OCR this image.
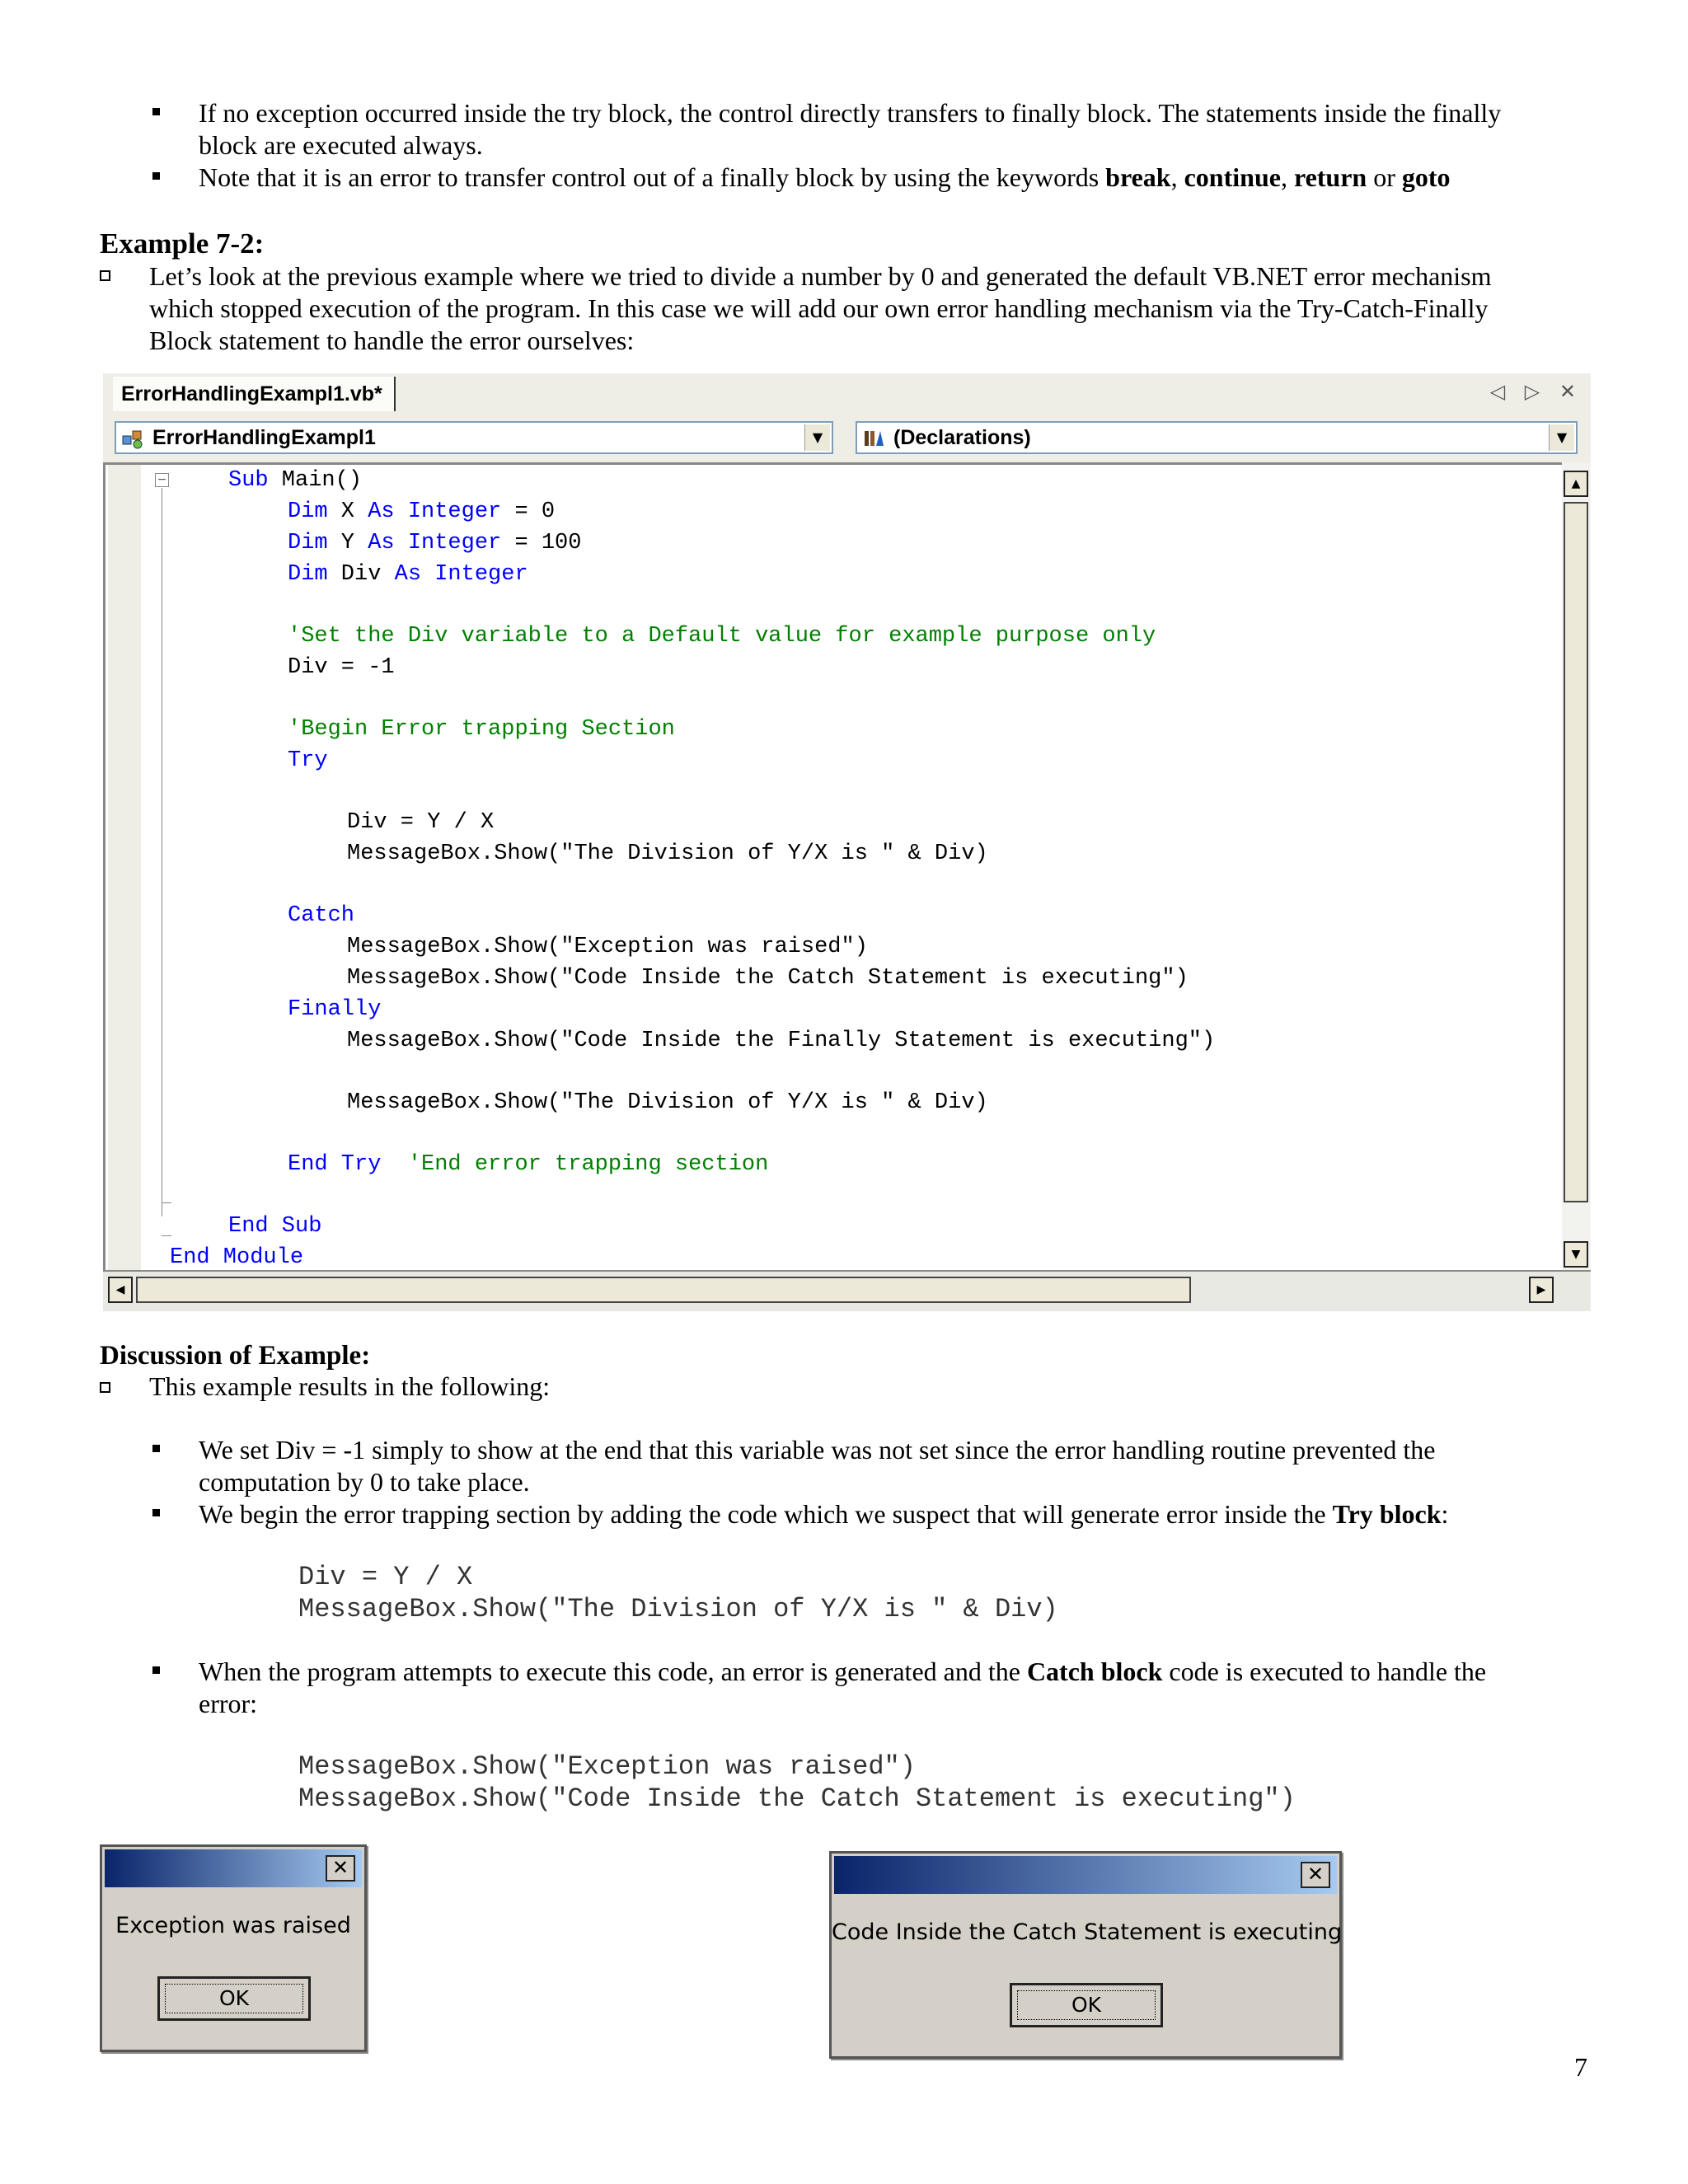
If no exception occurred inside the try block, the control directly transfers to finally block. The statements inside the finally
block are executed always.
Note that it is an error to transfer control out of a finally block by using the keywords break, continue, return or goto
Example 7-2:
Let’s look at the previous example where we tried to divide a number by 0 and generated the default VB.NET error mechanism
which stopped execution of the program. In this case we will add our own error handling mechanism via the Try-Catch-Finally
Block statement to handle the error ourselves:
ErrorHandlingExampl1.vb*	◁ ▷ ✕
ErrorHandlingExampl1	▼	(Declarations)	▼
−	Sub Main()
Dim X As Integer = 0
Dim Y As Integer = 100
Dim Div As Integer
'Set the Div variable to a Default value for example purpose only
Div = -1
'Begin Error trapping Section
Try
Div = Y / X
MessageBox.Show("The Division of Y/X is " & Div)
Catch
MessageBox.Show("Exception was raised")
MessageBox.Show("Code Inside the Catch Statement is executing")
Finally
MessageBox.Show("Code Inside the Finally Statement is executing")
MessageBox.Show("The Division of Y/X is " & Div)
End Try 'End error trapping section
End Sub
End Module
▲
▼
◀	▶
Discussion of Example:
This example results in the following:
We set Div = -1 simply to show at the end that this variable was not set since the error handling routine prevented the
computation by 0 to take place.
We begin the error trapping section by adding the code which we suspect that will generate error inside the Try block:
Div = Y / X
MessageBox.Show("The Division of Y/X is " & Div)
When the program attempts to execute this code, an error is generated and the Catch block code is executed to handle the
error:
MessageBox.Show("Exception was raised")
MessageBox.Show("Code Inside the Catch Statement is executing")
✕
Exception was raised
OK
✕
Code Inside the Catch Statement is executing
OK
7
